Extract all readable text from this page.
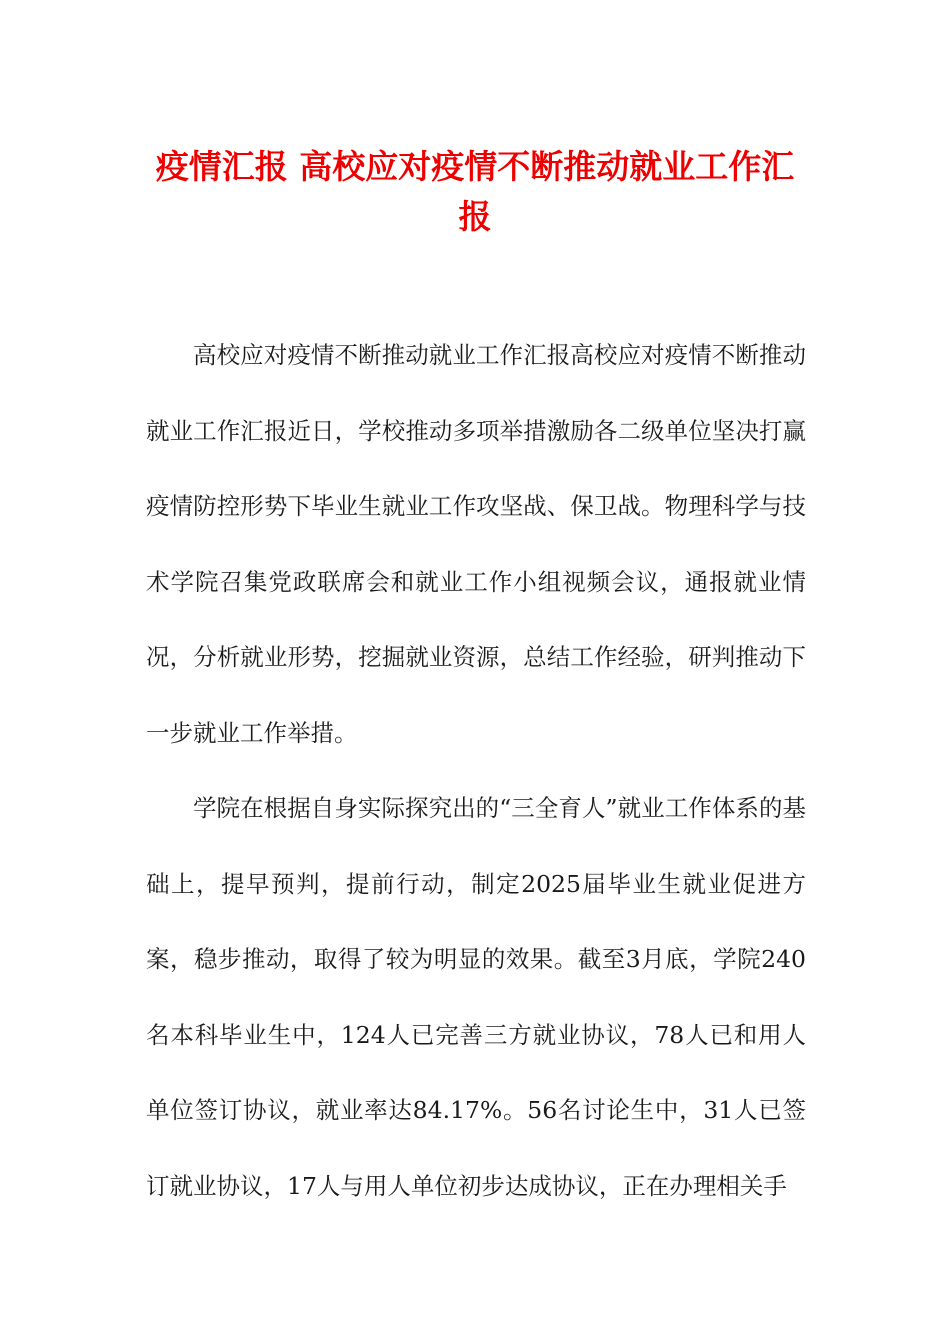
疫情汇报 高校应对疫情不断推动就业工作汇报

高校应对疫情不断推动就业工作汇报高校应对疫情不断推动就业工作汇报近日，学校推动多项举措激励各二级单位坚决打赢疫情防控形势下毕业生就业工作攻坚战、保卫战。物理科学与技术学院召集党政联席会和就业工作小组视频会议，通报就业情况，分析就业形势，挖掘就业资源，总结工作经验，研判推动下一步就业工作举措。

学院在根据自身实际探究出的“三全育人”就业工作体系的基础上，提早预判，提前行动，制定2025届毕业生就业促进方案，稳步推动，取得了较为明显的效果。截至3月底，学院240名本科毕业生中，124人已完善三方就业协议，78人已和用人单位签订协议，就业率达84.17%。56名讨论生中，31人已签订就业协议，17人与用人单位初步达成协议，正在办理相关手
